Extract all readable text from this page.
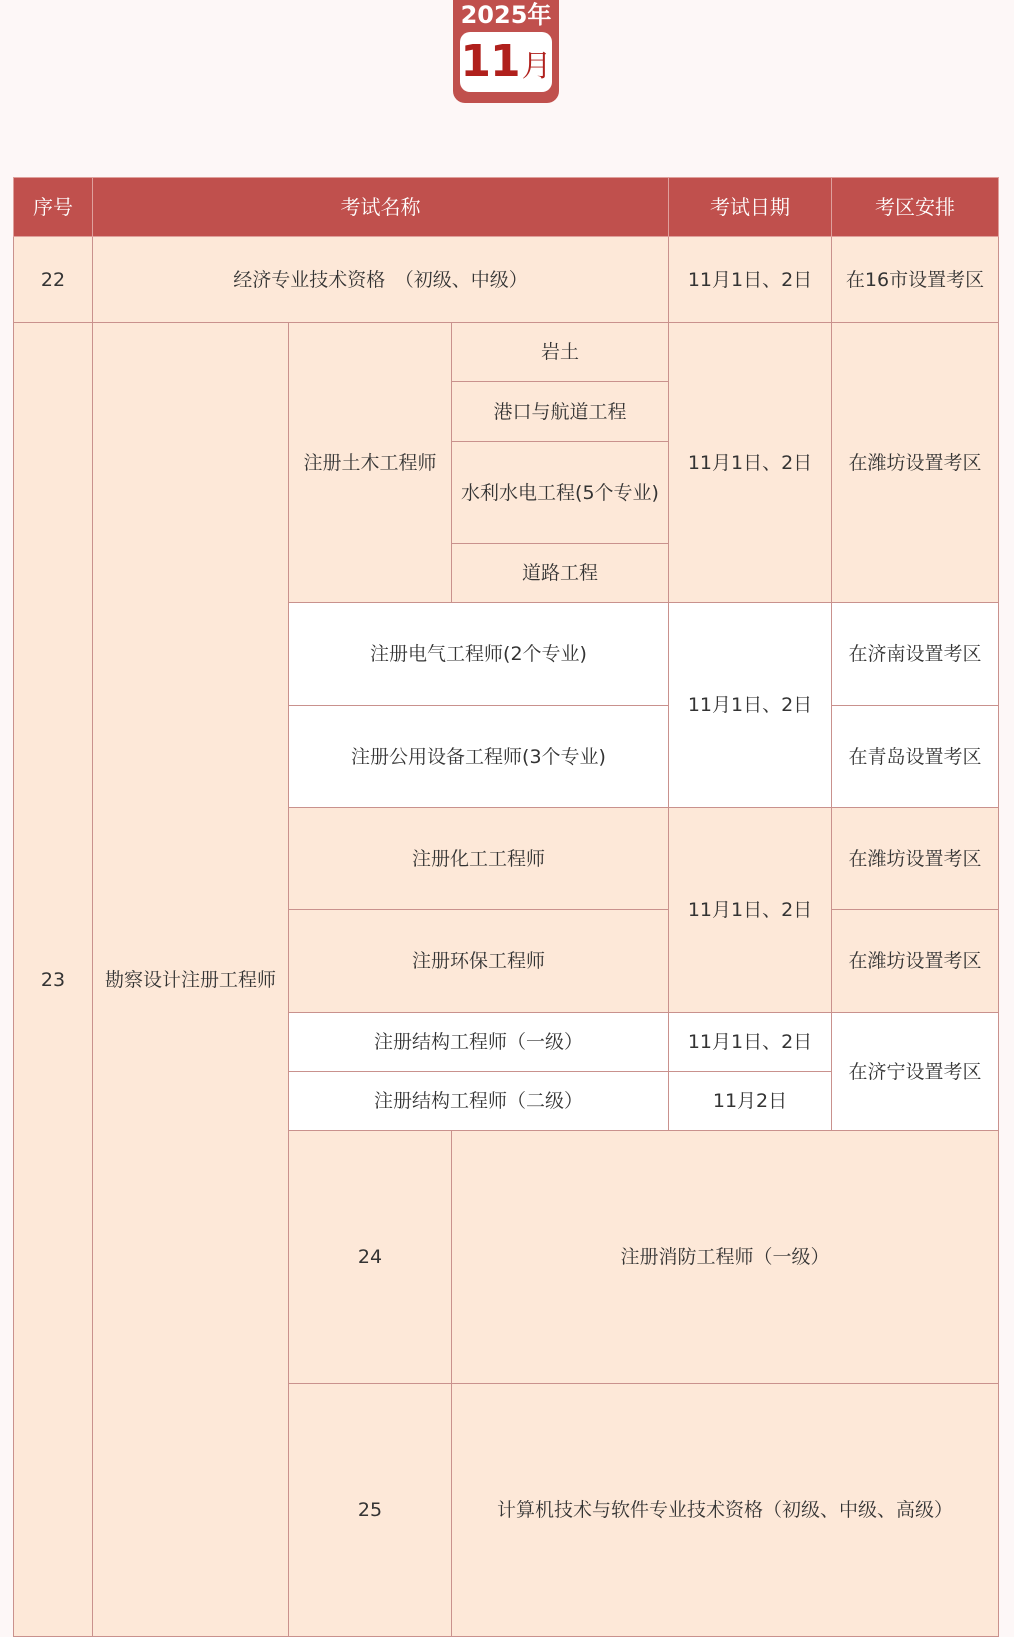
2025年
11月
序号	考试名称			考试日期	考区安排	
22	经济专业技术资格　（初级、中级）			11月1日、2日	在16市设置考区	
23	勘察设计注册工程师	注册土木工程师	岩土	11月1日、2日	在潍坊设置考区	
			港口与航道工程			
			水利水电工程(5个专业)			
			道路工程			
		注册电气工程师(2个专业)		11月1日、2日	在济南设置考区	
		注册公用设备工程师(3个专业)			在青岛设置考区	
		注册化工工程师		11月1日、2日	在潍坊设置考区	
		注册环保工程师			在潍坊设置考区	
		注册结构工程师（一级）		11月1日、2日	在济宁设置考区	
		注册结构工程师（二级）		11月2日		
		24	注册消防工程师（一级）		
		25	计算机技术与软件专业技术资格（初级、中级、高级）		
